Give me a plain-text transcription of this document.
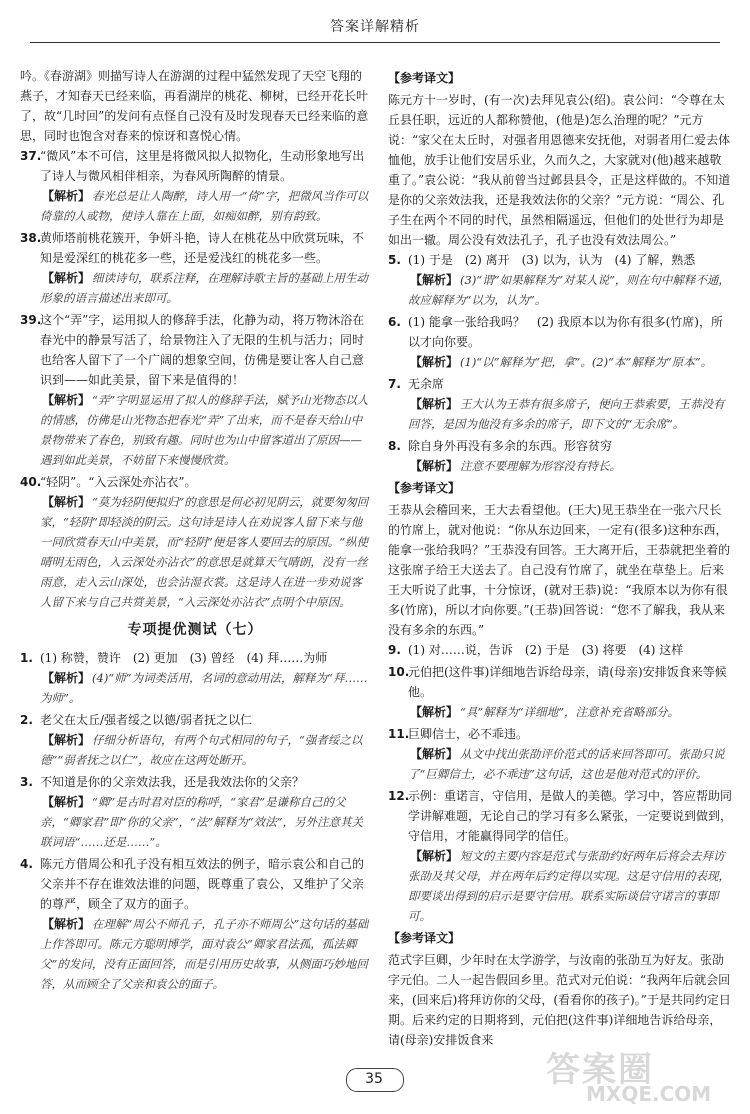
答案详解精析

吟。《春游湖》则描写诗人在游湖的过程中猛然发现了天空飞翔的燕子，才知春天已经来临，再看湖岸的桃花、柳树，已经开花长叶了，故“几时回”的发问有点怪自己没有及时发现春天已经来临的意思，同时也饱含对春来的惊讶和喜悦心情。

37.
“微风”本不可信，这里是将微风拟人拟物化，生动形象地写出了诗人与微风相伴相亲，为春风所陶醉的情景。
【解析】 春光总是让人陶醉，诗人用一“倚”字，把微风当作可以倚靠的人或物，使诗人靠在上面，如痴如醉，别有韵致。
38.
黄师塔前桃花簇开，争妍斗艳，诗人在桃花丛中欣赏玩味，不知是爱深红的桃花多一些，还是爱浅红的桃花多一些。
【解析】 细读诗句，联系注释，在理解诗歌主旨的基础上用生动形象的语言描述出来即可。
39.
这个“弄”字，运用拟人的修辞手法，化静为动，将万物沐浴在春光中的静景写活了，给景物注入了无限的生机与活力；同时也给客人留下了一个广阔的想象空间，仿佛是要让客人自己意识到——如此美景，留下来是值得的！
【解析】 “弄”字明显运用了拟人的修辞手法，赋予山光物态以人的情感，仿佛是山光物态把春光“弄”了出来，而不是春天给山中景物带来了春色，别致有趣。同时也为山中留客道出了原因——遇到如此美景，不妨留下来慢慢欣赏。
40.
“轻阴”。“入云深处亦沾衣”。
【解析】 “莫为轻阴便拟归”的意思是何必初见阴云，就要匆匆回家，“轻阴”即轻淡的阴云。这句诗是诗人在劝说客人留下来与他一同欣赏春天山中美景，而“轻阴”便是客人要回去的原因。“纵使晴明无雨色，入云深处亦沾衣”的意思是就算天气晴朗，没有一丝雨意，走入云山深处，也会沾湿衣裳。这是诗人在进一步劝说客人留下来与自己共赏美景，“入云深处亦沾衣”点明个中原因。
专项提优测试（七）
1. (1) 称赞，赞许　(2) 更加　(3) 曾经　(4) 拜……为师
【解析】 (4)“师”为词类活用，名词的意动用法，解释为“拜……为师”。
2. 老父在太丘/强者绥之以德/弱者抚之以仁
【解析】 仔细分析语句，有两个句式相同的句子，“强者绥之以德”“弱者抚之以仁”，故应在这两处断开。
3. 不知道是你的父亲效法我，还是我效法你的父亲？
【解析】 “卿”是古时君对臣的称呼，“家君”是谦称自己的父亲，“卿家君”即“你的父亲”，“法”解释为“效法”，另外注意其关联词语“……还是……”。
4. 陈元方借周公和孔子没有相互效法的例子，暗示袁公和自己的父亲并不存在谁效法谁的问题，既尊重了袁公，又维护了父亲的尊严，顾全了双方的面子。
【解析】 在理解“周公不师孔子，孔子亦不师周公”这句话的基础上作答即可。陈元方聪明博学，面对袁公“卿家君法孤，孤法卿父”的发问，没有正面回答，而是引用历史故事，从侧面巧妙地回答，从而顾全了父亲和袁公的面子。
【参考译文】

陈元方十一岁时，(有一次)去拜见袁公(绍)。袁公问：“令尊在太丘县任职，远近的人都称赞他，(他是)怎么治理的呢？”元方说：“家父在太丘时，对强者用恩德来安抚他，对弱者用仁爱去体恤他，放手让他们安居乐业，久而久之，大家就对(他)越来越敬重了。”袁公说：“我从前曾当过邺县县令，正是这样做的。不知道是你的父亲效法我，还是我效法你的父亲？”元方说：“周公、孔子生在两个不同的时代，虽然相隔遥远，但他们的处世行为却是如出一辙。周公没有效法孔子，孔子也没有效法周公。”

5. (1) 于是　(2) 离开　(3) 以为，认为　(4) 了解，熟悉
【解析】 (3)“谓”如果解释为“对某人说”，则在句中解释不通，故应解释为“以为，认为”。
6. (1) 能拿一张给我吗？　(2) 我原本以为你有很多(竹席)，所以才向你要。
【解析】 (1)“以”解释为“把，拿”。(2)“本”解释为“原本”。
7. 无余席
【解析】 王大认为王恭有很多席子，便向王恭索要，王恭没有回答，是因为他没有多余的席子，即下文的“无余席”。
8. 除自身外再没有多余的东西。形容贫穷
【解析】 注意不要理解为形容没有特长。
【参考译文】

王恭从会稽回来，王大去看望他。(王大)见王恭坐在一张六尺长的竹席上，就对他说：“你从东边回来，一定有(很多)这种东西，能拿一张给我吗？”王恭没有回答。王大离开后，王恭就把坐着的这张席子给王大送去了。自己没有竹席了，就坐在草垫上。后来王大听说了此事，十分惊讶，(就对王恭)说：“我原本以为你有很多(竹席)，所以才向你要。”(王恭)回答说：“您不了解我，我从来没有多余的东西。”

9. (1) 对……说，告诉　(2) 于是　(3) 将要　(4) 这样
10.
元伯把(这件事)详细地告诉给母亲，请(母亲)安排饭食来等候他。
【解析】 “具”解释为“详细地”，注意补充省略部分。
11.
巨卿信士，必不乖违。
【解析】 从文中找出张劭评价范式的话来回答即可。张劭只说了“巨卿信士，必不乖违”这句话，这也是他对范式的评价。
12.
示例：重诺言，守信用，是做人的美德。学习中，答应帮助同学讲解难题，无论自己的学习有多么紧张，一定要说到做到，守信用，才能赢得同学的信任。
【解析】 短文的主要内容是范式与张劭约好两年后将会去拜访张劭及其父母，并在两年后约定得以实现。这是守信用的表现，即要谈出得到的启示是要守信用。联系实际谈信守诺言的事即可。
【参考译文】

范式字巨卿，少年时在太学游学，与汝南的张劭互为好友。张劭字元伯。二人一起告假回乡里。范式对元伯说：“我两年后就会回来，(回来后)将拜访你的父母，(看看你的孩子)。”于是共同约定日期。后来约定的日期将到，元伯把(这件事)详细地告诉给母亲，请(母亲)安排饭食来

35	答案圈
MXQE.COM
